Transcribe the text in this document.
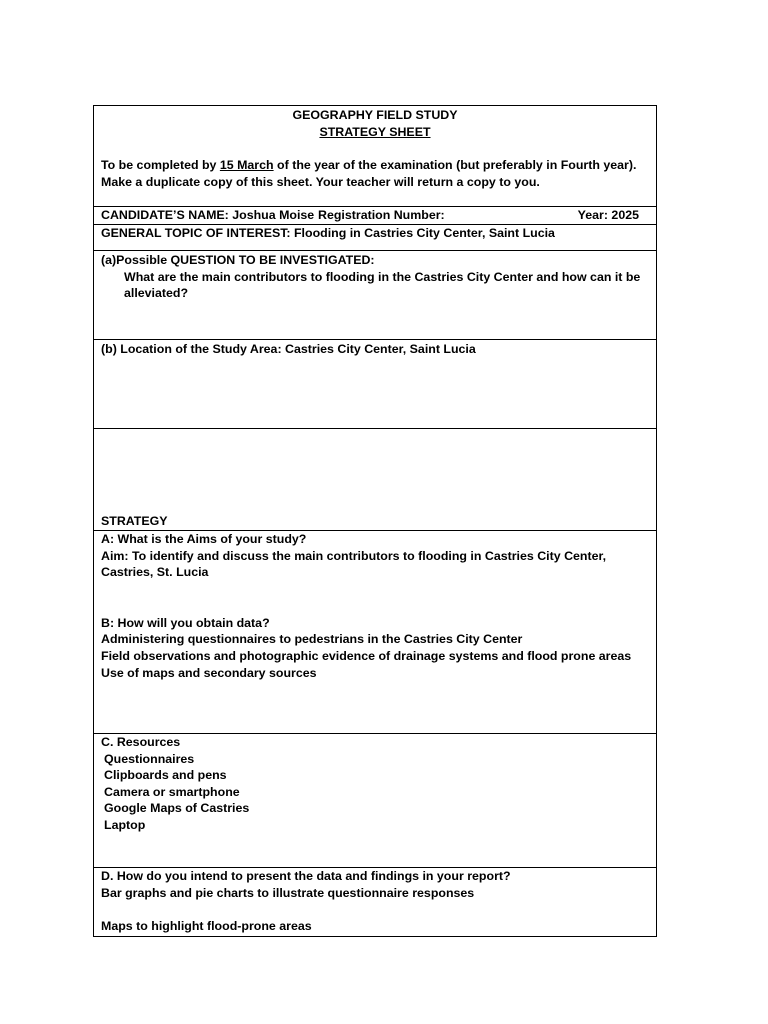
GEOGRAPHY FIELD STUDY

STRATEGY SHEET

To be completed by 15 March of the year of the examination (but preferably in Fourth year).

Make a duplicate copy of this sheet. Your teacher will return a copy to you.

CANDIDATE’S NAME: Joshua Moise Registration Number:	Year: 2025

GENERAL TOPIC OF INTEREST: Flooding in Castries City Center, Saint Lucia

(a)Possible QUESTION TO BE INVESTIGATED:

What are the main contributors to flooding in the Castries City Center and how can it be

alleviated?

(b) Location of the Study Area: Castries City Center, Saint Lucia

STRATEGY

A: What is the Aims of your study?

Aim: To identify and discuss the main contributors to flooding in Castries City Center,

Castries, St. Lucia

B: How will you obtain data?

Administering questionnaires to pedestrians in the Castries City Center

Field observations and photographic evidence of drainage systems and flood prone areas

Use of maps and secondary sources

C. Resources

Questionnaires

Clipboards and pens

Camera or smartphone

Google Maps of Castries

Laptop

D. How do you intend to present the data and findings in your report?

Bar graphs and pie charts to illustrate questionnaire responses

Maps to highlight flood-prone areas
